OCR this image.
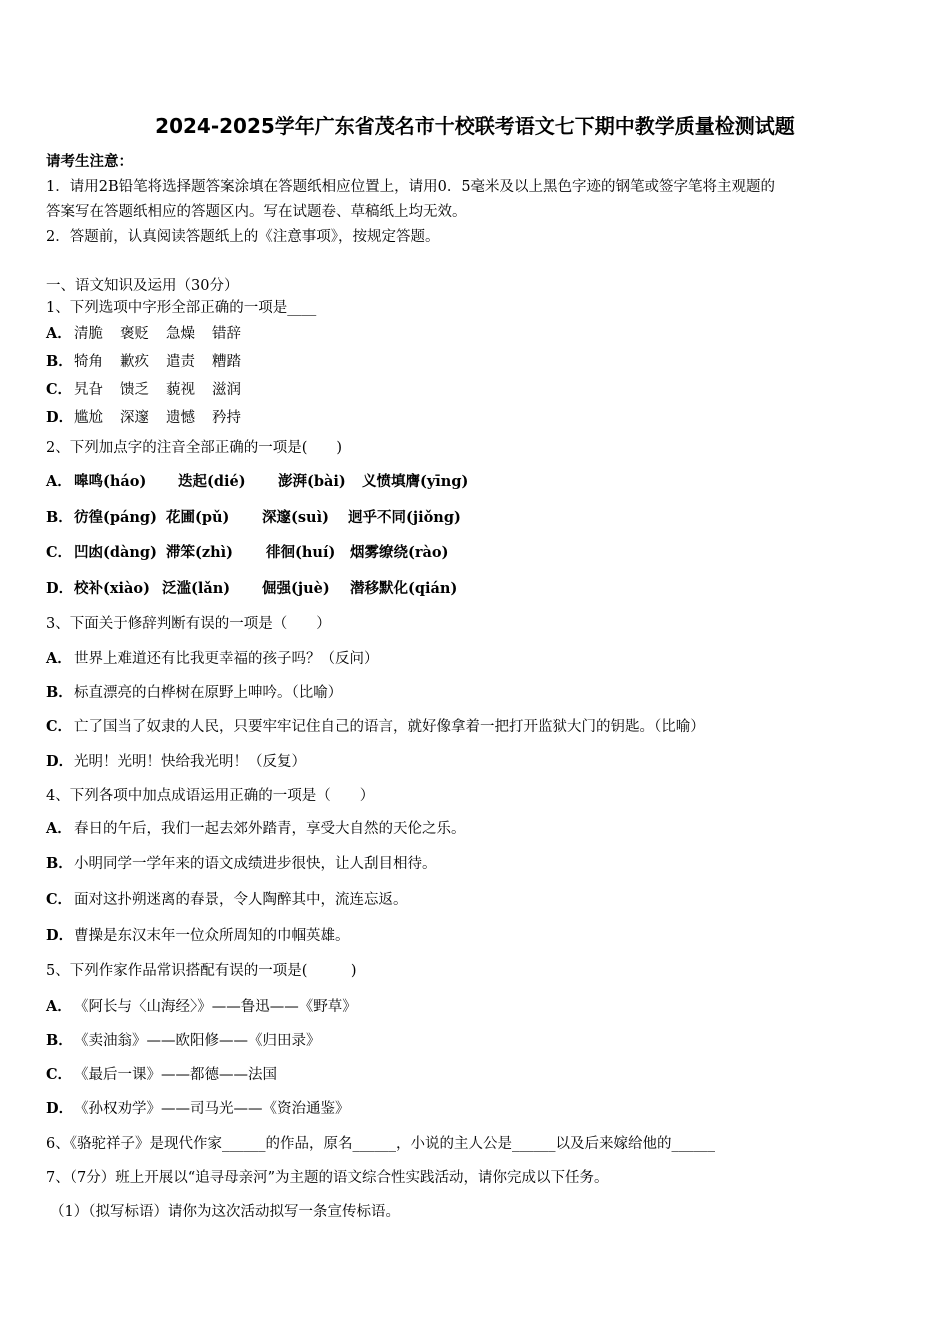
2024-2025学年广东省茂名市十校联考语文七下期中教学质量检测试题
请考生注意：
1．请用2B铅笔将选择题答案涂填在答题纸相应位置上，请用0．5毫米及以上黑色字迹的钢笔或签字笔将主观题的
答案写在答题纸相应的答题区内。写在试题卷、草稿纸上均无效。
2．答题前，认真阅读答题纸上的《注意事项》，按规定答题。
一、语文知识及运用（30分）
1、下列选项中字形全部正确的一项是____
A． 清脆 褒贬 急燥 错辞
B．犄角 歉疚 遣责 糟踏
C． 旯旮 馈乏 藐视 滋润
D．尴尬 深邃 遗憾 矜持
2、下列加点字的注音全部正确的一项是(　　)
A． 嗥鸣(háo) 迭起(dié) 澎湃(bài) 义愤填膺(yīng)
B．彷徨(páng) 花圃(pǔ) 深邃(suì) 迥乎不同(jiǒng)
C． 凹凼(dàng) 滞笨(zhì) 徘徊(huí) 烟雾缭绕(rào)
D．校补(xiào) 泛滥(lǎn) 倔强(juè) 潜移默化(qián)
3、下面关于修辞判断有误的一项是（　　）
A． 世界上难道还有比我更幸福的孩子吗？（反问）
B．标直漂亮的白桦树在原野上呻吟。（比喻）
C． 亡了国当了奴隶的人民，只要牢牢记住自己的语言，就好像拿着一把打开监狱大门的钥匙。（比喻）
D．光明！光明！快给我光明！（反复）
4、下列各项中加点成语运用正确的一项是（　　）
A． 春日的午后，我们一起去郊外踏青，享受大自然的天伦之乐。
B．小明同学一学年来的语文成绩进步很快，让人刮目相待。
C． 面对这扑朔迷离的春景，令人陶醉其中，流连忘返。
D．曹操是东汉末年一位众所周知的巾帼英雄。
5、下列作家作品常识搭配有误的一项是(　　　)
A． 《阿长与〈山海经〉》——鲁迅——《野草》
B．《卖油翁》——欧阳修——《归田录》
C． 《最后一课》——都德——法国
D．《孙权劝学》——司马光——《资治通鉴》
6、《骆驼祥子》是现代作家______的作品，原名______，小说的主人公是______以及后来嫁给他的______
7、（7分）班上开展以“追寻母亲河”为主题的语文综合性实践活动，请你完成以下任务。
（1）（拟写标语）请你为这次活动拟写一条宣传标语。
